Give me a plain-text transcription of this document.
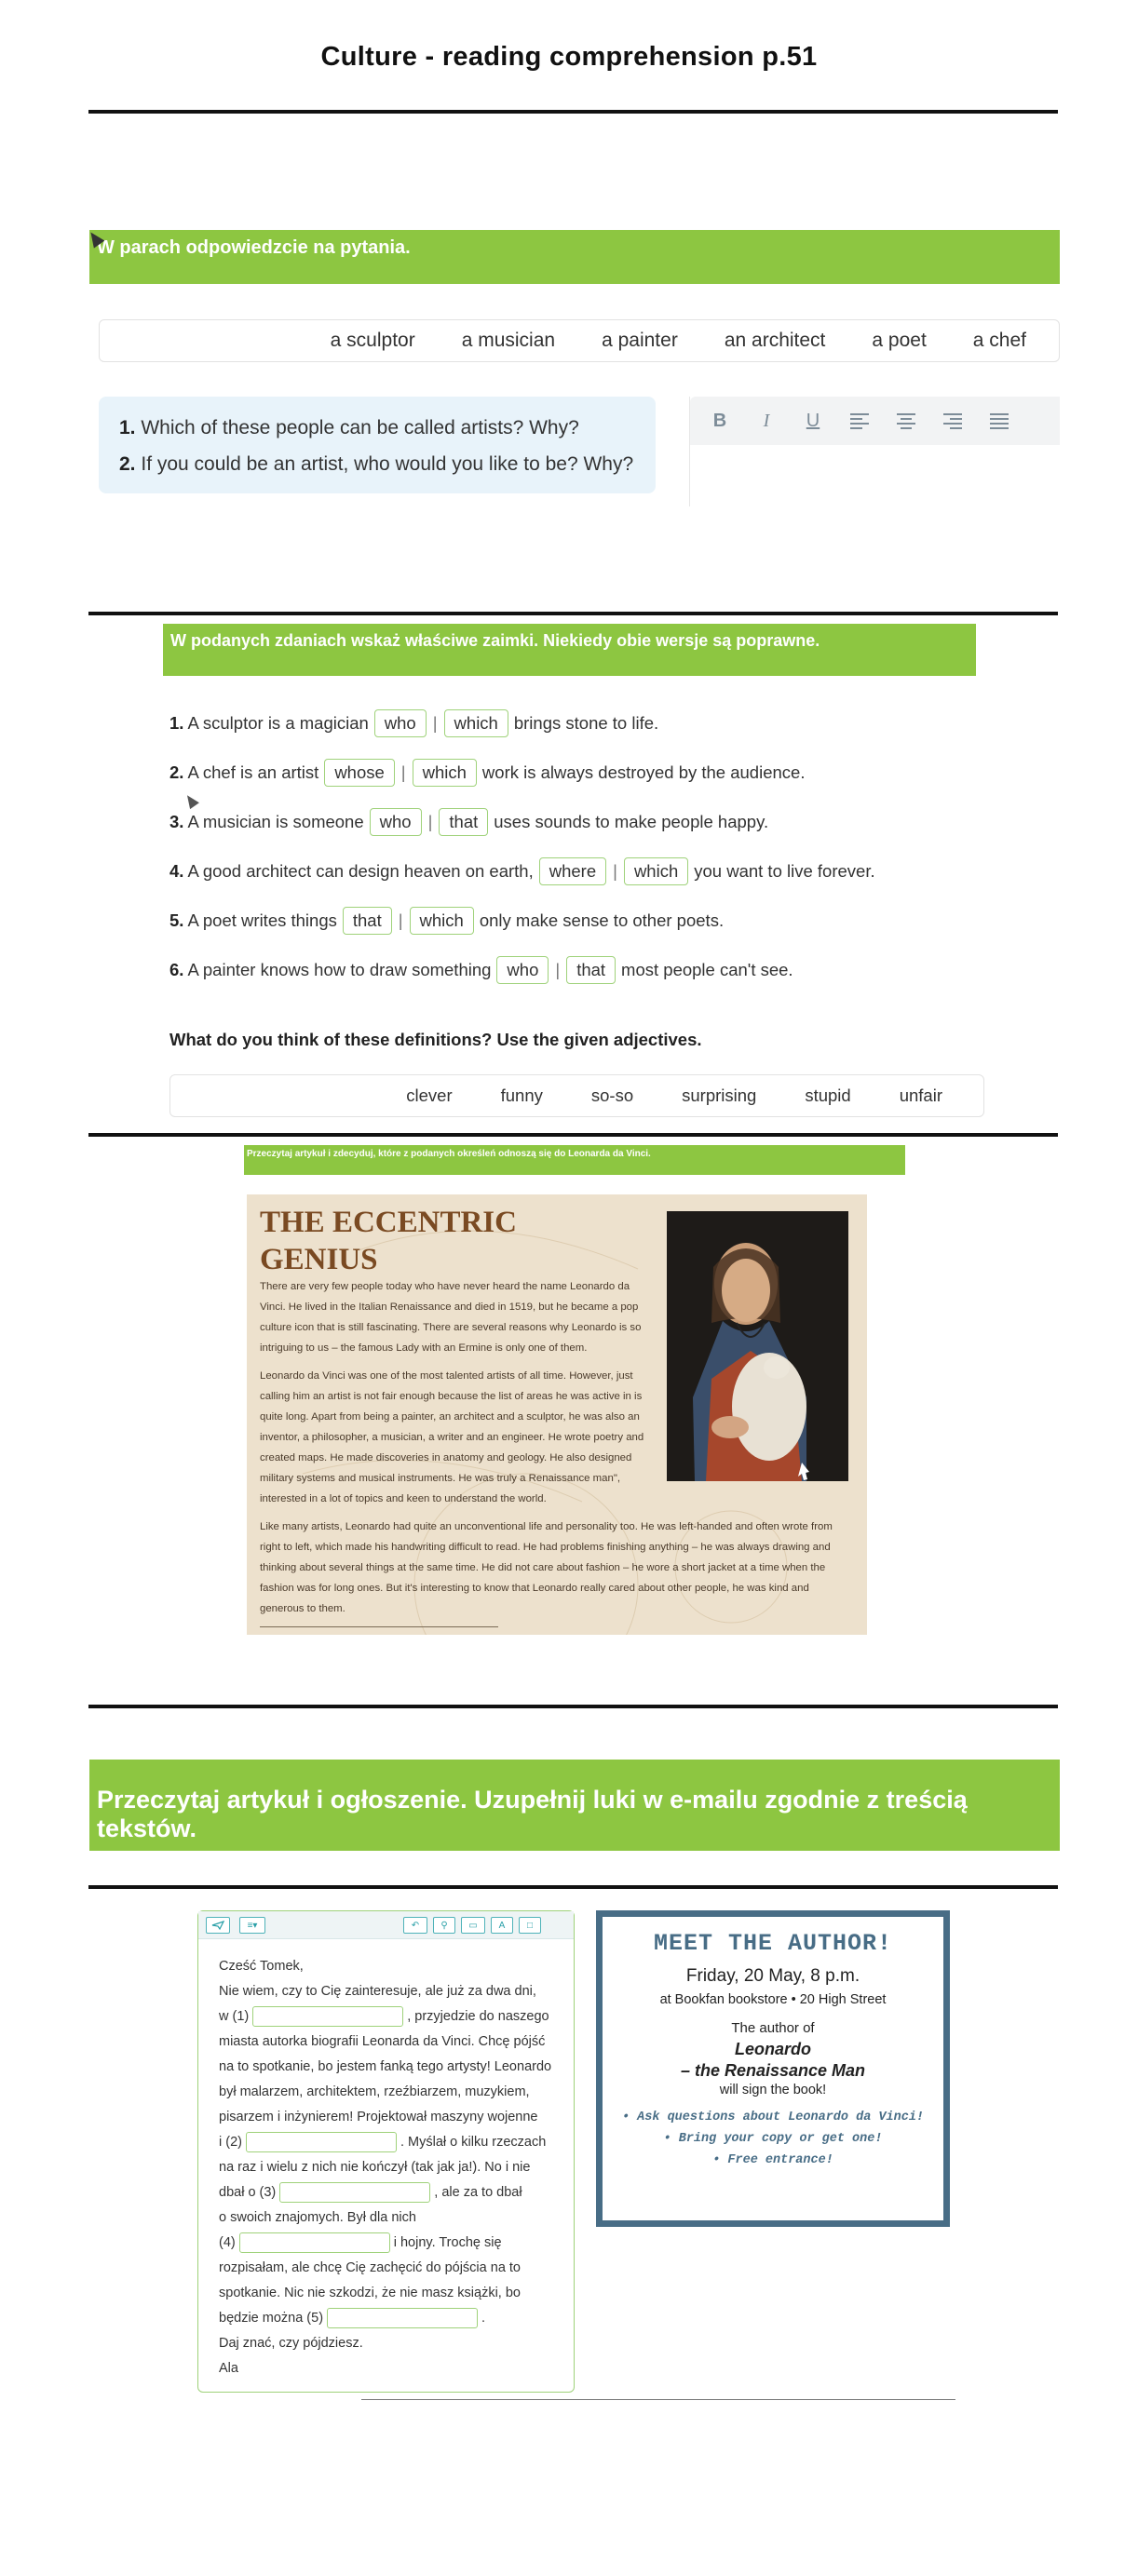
Culture - reading comprehension p.51
W parach odpowiedzcie na pytania.
a sculptor a musician a painter an architect a poet a chef
1. Which of these people can be called artists? Why?
2. If you could be an artist, who would you like to be? Why?
B	I	U
W podanych zdaniach wskaż właściwe zaimki. Niekiedy obie wersje są poprawne.
1. A sculptor is a magician who | which brings stone to life.
2. A chef is an artist whose | which work is always destroyed by the audience.
3. A musician is someone who | that uses sounds to make people happy.
4. A good architect can design heaven on earth, where | which you want to live forever.
5. A poet writes things that | which only make sense to other poets.
6. A painter knows how to draw something who | that most people can't see.
What do you think of these definitions? Use the given adjectives.
clever	funny	so-so	surprising	stupid	unfair
Przeczytaj artykuł i zdecyduj, które z podanych określeń odnoszą się do Leonarda da Vinci.
THE ECCENTRIC
GENIUS
There are very few people today who have never heard the name Leonardo da Vinci. He lived in the Italian Renaissance and died in 1519, but he became a pop culture icon that is still fascinating. There are several reasons why Leonardo is so intriguing to us – the famous Lady with an Ermine is only one of them.
Leonardo da Vinci was one of the most talented artists of all time. However, just calling him an artist is not fair enough because the list of areas he was active in is quite long. Apart from being a painter, an architect and a sculptor, he was also an inventor, a philosopher, a musician, a writer and an engineer. He wrote poetry and created maps. He made discoveries in anatomy and geology. He also designed military systems and musical instruments. He was truly a Renaissance man", interested in a lot of topics and keen to understand the world.
Like many artists, Leonardo had quite an unconventional life and personality too. He was left-handed and often wrote from right to left, which made his handwriting difficult to read. He had problems finishing anything – he was always drawing and thinking about several things at the same time. He did not care about fashion – he wore a short jacket at a time when the fashion was for long ones. But it's interesting to know that Leonardo really cared about other people, he was kind and generous to them.
Przeczytaj artykuł i ogłoszenie. Uzupełnij luki w e-mailu zgodnie z treścią tekstów.
≡▾	↶	⚲	▭	A	□
Cześć Tomek,
Nie wiem, czy to Cię zainteresuje, ale już za dwa dni,
w (1)	, przyjedzie do naszego
miasta autorka biografii Leonarda da Vinci. Chcę pójść
na to spotkanie, bo jestem fanką tego artysty! Leonardo
był malarzem, architektem, rzeźbiarzem, muzykiem,
pisarzem i inżynierem! Projektował maszyny wojenne
i (2)	. Myślał o kilku rzeczach
na raz i wielu z nich nie kończył (tak jak ja!). No i nie
dbał o (3)	, ale za to dbał
o swoich znajomych. Był dla nich
(4)	i hojny. Trochę się
rozpisałam, ale chcę Cię zachęcić do pójścia na to
spotkanie. Nic nie szkodzi, że nie masz książki, bo
będzie można (5)	.
Daj znać, czy pójdziesz.
Ala
MEET THE AUTHOR!
Friday, 20 May, 8 p.m.
at Bookfan bookstore • 20 High Street
The author of
Leonardo
– the Renaissance Man
will sign the book!
• Ask questions about Leonardo da Vinci!
• Bring your copy or get one!
• Free entrance!
